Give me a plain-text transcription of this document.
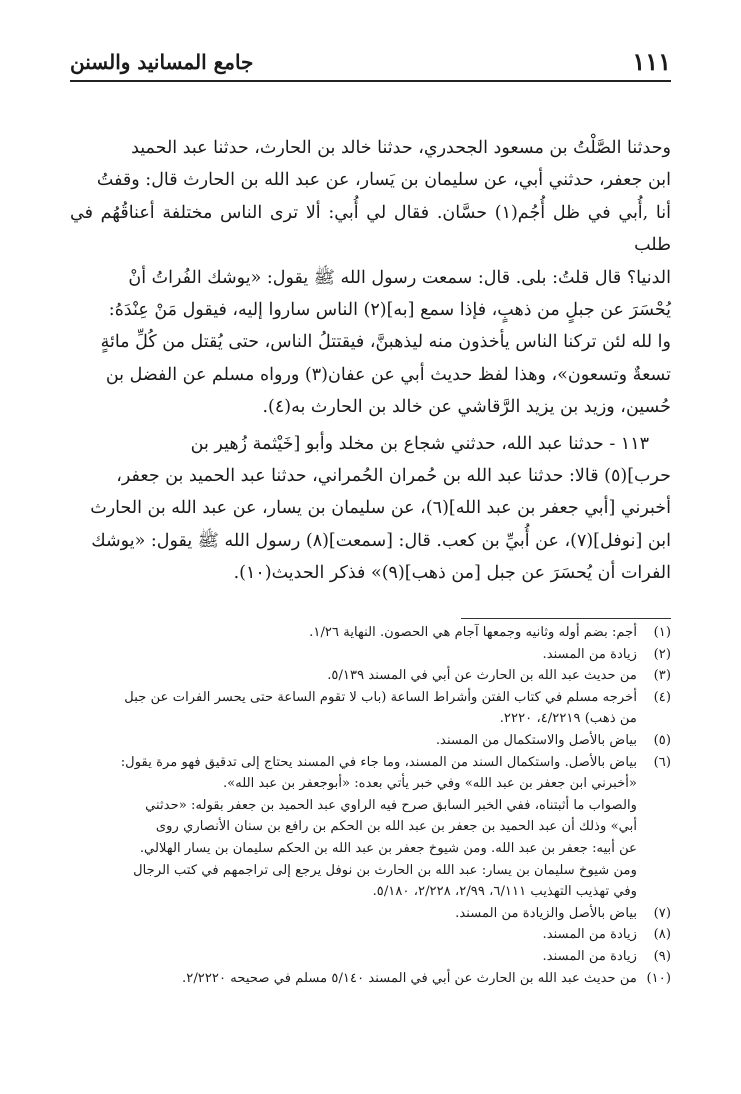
١١١
جامع المسانيد والسنن

وحدثنا الصَّلْتُ بن مسعود الجحدري، حدثنا خالد بن الحارث، حدثنا عبد الحميد

ابن جعفر، حدثني أبي، عن سليمان بن يَسار، عن عبد الله بن الحارث قال: وقفتُ

أنا ,أُبي في ظل أُجُم(١) حسَّان. فقال لي أُبي: ألا ترى الناس مختلفة أعناقُهُم في طلب

الدنيا؟ قال قلتُ: بلى. قال: سمعت رسول الله ﷺ يقول: «يوشك الفُراتُ أنْ

يُحْسَرَ عن جبلٍ من ذهبٍ، فإذا سمع [به](٢) الناس ساروا إليه، فيقول مَنْ عِنْدَهُ:

وا لله لئن تركنا الناس يأخذون منه ليذهبنَّ، فيقتتلُ الناس، حتى يُقتل من كُلِّ مائةٍ

تسعةٌ وتسعون»، وهذا لفظ حديث أبي عن عفان(٣) ورواه مسلم عن الفضل بن

حُسين، وزيد بن يزيد الرَّقاشي عن خالد بن الحارث به(٤).

١١٣ - حدثنا عبد الله، حدثني شجاع بن مخلد وأبو [خَيْثمة زُهير بن

حرب](٥) قالا: حدثنا عبد الله بن حُمران الحُمراني، حدثنا عبد الحميد بن جعفر،

أخبرني [أبي جعفر بن عبد الله](٦)، عن سليمان بن يسار، عن عبد الله بن الحارث

ابن [نوفل](٧)، عن أُبيِّ بن كعب. قال: [سمعت](٨) رسول الله ﷺ يقول: «يوشك

الفرات أن يُحسَرَ عن جبل [من ذهب](٩)» فذكر الحديث(١٠).

(١)
أجم: بضم أوله وثانيه وجمعها آجام هي الحصون. النهاية ١/٢٦.
(٢)
زيادة من المسند.
(٣)
من حديث عبد الله بن الحارث عن أبي في المسند ٥/١٣٩.
(٤)
أخرجه مسلم في كتاب الفتن وأشراط الساعة (باب لا تقوم الساعة حتى يحسر الفرات عن جبل
من ذهب) ٤/٢٢١٩، ٢٢٢٠.
(٥)
بياض بالأصل والاستكمال من المسند.
(٦)
بياض بالأصل. واستكمال السند من المسند، وما جاء في المسند يحتاج إلى تدقيق فهو مرة يقول:
«أخبرني ابن جعفر بن عبد الله» وفي خبر يأتي بعده: «أبوجعفر بن عبد الله».
والصواب ما أثبتناه، ففي الخبر السابق صرح فيه الراوي عبد الحميد بن جعفر بقوله: «حدثني
أبي» وذلك أن عبد الحميد بن جعفر بن عبد الله بن الحكم بن رافع بن سنان الأنصاري روى
عن أبيه: جعفر بن عبد الله. ومن شيوخ جعفر بن عبد الله بن الحكم سليمان بن يسار الهلالي.
ومن شيوخ سليمان بن يسار: عبد الله بن الحارث بن نوفل يرجع إلى تراجمهم في كتب الرجال
وفي تهذيب التهذيب ٦/١١١، ٢/٩٩، ٢/٢٢٨، ٥/١٨٠.
(٧)
بياض بالأصل والزيادة من المسند.
(٨)
زيادة من المسند.
(٩)
زيادة من المسند.
(١٠)
من حديث عبد الله بن الحارث عن أبي في المسند ٥/١٤٠ مسلم في صحيحه ٢/٢٢٢٠.
